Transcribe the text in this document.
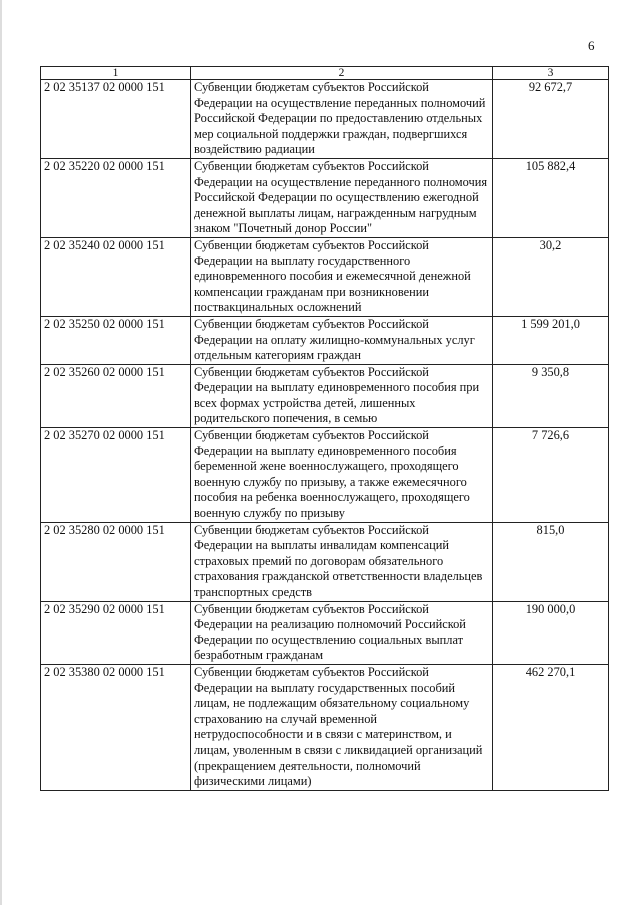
6
1	2	3
2 02 35137 02 0000 151	Субвенции бюджетам субъектов Российской Федерации на осуществление переданных полномочий Российской Федерации по предоставлению отдельных мер социальной поддержки граждан, подвергшихся воздействию радиации	92 672,7
2 02 35220 02 0000 151	Субвенции бюджетам субъектов Российской Федерации на осуществление переданного полномочия Российской Федерации по осуществлению ежегодной денежной выплаты лицам, награжденным нагрудным знаком "Почетный донор России"	105 882,4
2 02 35240 02 0000 151	Субвенции бюджетам субъектов Российской Федерации на выплату государственного единовременного пособия и ежемесячной денежной компенсации гражданам при возникновении поствакцинальных осложнений	30,2
2 02 35250 02 0000 151	Субвенции бюджетам субъектов Российской Федерации на оплату жилищно-коммунальных услуг отдельным категориям граждан	1 599 201,0
2 02 35260 02 0000 151	Субвенции бюджетам субъектов Российской Федерации на выплату единовременного пособия при всех формах устройства детей, лишенных родительского попечения, в семью	9 350,8
2 02 35270 02 0000 151	Субвенции бюджетам субъектов Российской Федерации на выплату единовременного пособия беременной жене военнослужащего, проходящего военную службу по призыву, а также ежемесячного пособия на ребенка военнослужащего, проходящего военную службу по призыву	7 726,6
2 02 35280 02 0000 151	Субвенции бюджетам субъектов Российской Федерации на выплаты инвалидам компенсаций страховых премий по договорам обязательного страхования гражданской ответственности владельцев транспортных средств	815,0
2 02 35290 02 0000 151	Субвенции бюджетам субъектов Российской Федерации на реализацию полномочий Российской Федерации по осуществлению социальных выплат безработным гражданам	190 000,0
2 02 35380 02 0000 151	Субвенции бюджетам субъектов Российской Федерации на выплату государственных пособий лицам, не подлежащим обязательному социальному страхованию на случай временной нетрудоспособности и в связи с материнством, и лицам, уволенным в связи с ликвидацией организаций (прекращением деятельности, полномочий физическими лицами)	462 270,1
